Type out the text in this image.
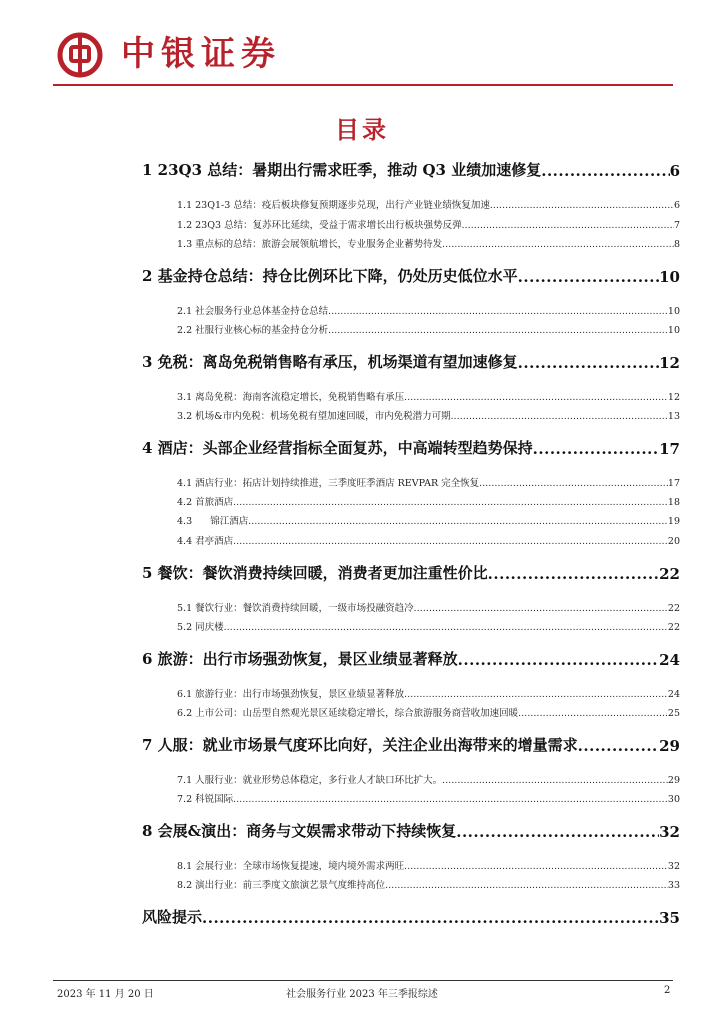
中银证券
目录
1 23Q3 总结：暑期出行需求旺季，推动 Q3 业绩加速修复 .....	6
1.1 23Q1-3 总结：疫后板块修复预期逐步兑现，出行产业链业绩恢复加速 .....	6
1.2 23Q3 总结：复苏环比延续，受益于需求增长出行板块强势反弹 .....	7
1.3 重点标的总结：旅游会展领航增长，专业服务企业蓄势待发 .....	8
2 基金持仓总结：持仓比例环比下降，仍处历史低位水平 .....	10
2.1 社会服务行业总体基金持仓总结 .....	10
2.2 社服行业核心标的基金持仓分析 .....	10
3 免税：离岛免税销售略有承压，机场渠道有望加速修复 .....	12
3.1 离岛免税：海南客流稳定增长，免税销售略有承压 .....	12
3.2 机场&市内免税：机场免税有望加速回暖，市内免税潜力可期 .....	13
4 酒店：头部企业经营指标全面复苏，中高端转型趋势保持 .....	17
4.1 酒店行业：拓店计划持续推进，三季度旺季酒店 REVPAR 完全恢复 .....	17
4.2 首旅酒店 .....	18
4.3      锦江酒店 .....	19
4.4 君亭酒店 .....	20
5 餐饮：餐饮消费持续回暖，消费者更加注重性价比 .....	22
5.1 餐饮行业：餐饮消费持续回暖，一级市场投融资趋冷 .....	22
5.2 同庆楼 .....	22
6 旅游：出行市场强劲恢复，景区业绩显著释放 .....	24
6.1 旅游行业：出行市场强劲恢复，景区业绩显著释放 .....	24
6.2 上市公司：山岳型自然观光景区延续稳定增长，综合旅游服务商营收加速回暖 .....	25
7 人服：就业市场景气度环比向好，关注企业出海带来的增量需求 .....	29
7.1 人服行业：就业形势总体稳定，多行业人才缺口环比扩大。 .....	29
7.2 科锐国际 .....	30
8 会展&演出：商务与文娱需求带动下持续恢复 .....	32
8.1 会展行业：全球市场恢复提速，境内境外需求两旺 .....	32
8.2 演出行业：前三季度文旅演艺景气度维持高位 .....	33
风险提示 .....	35
2023 年 11 月 20 日	社会服务行业 2023 年三季报综述	2
